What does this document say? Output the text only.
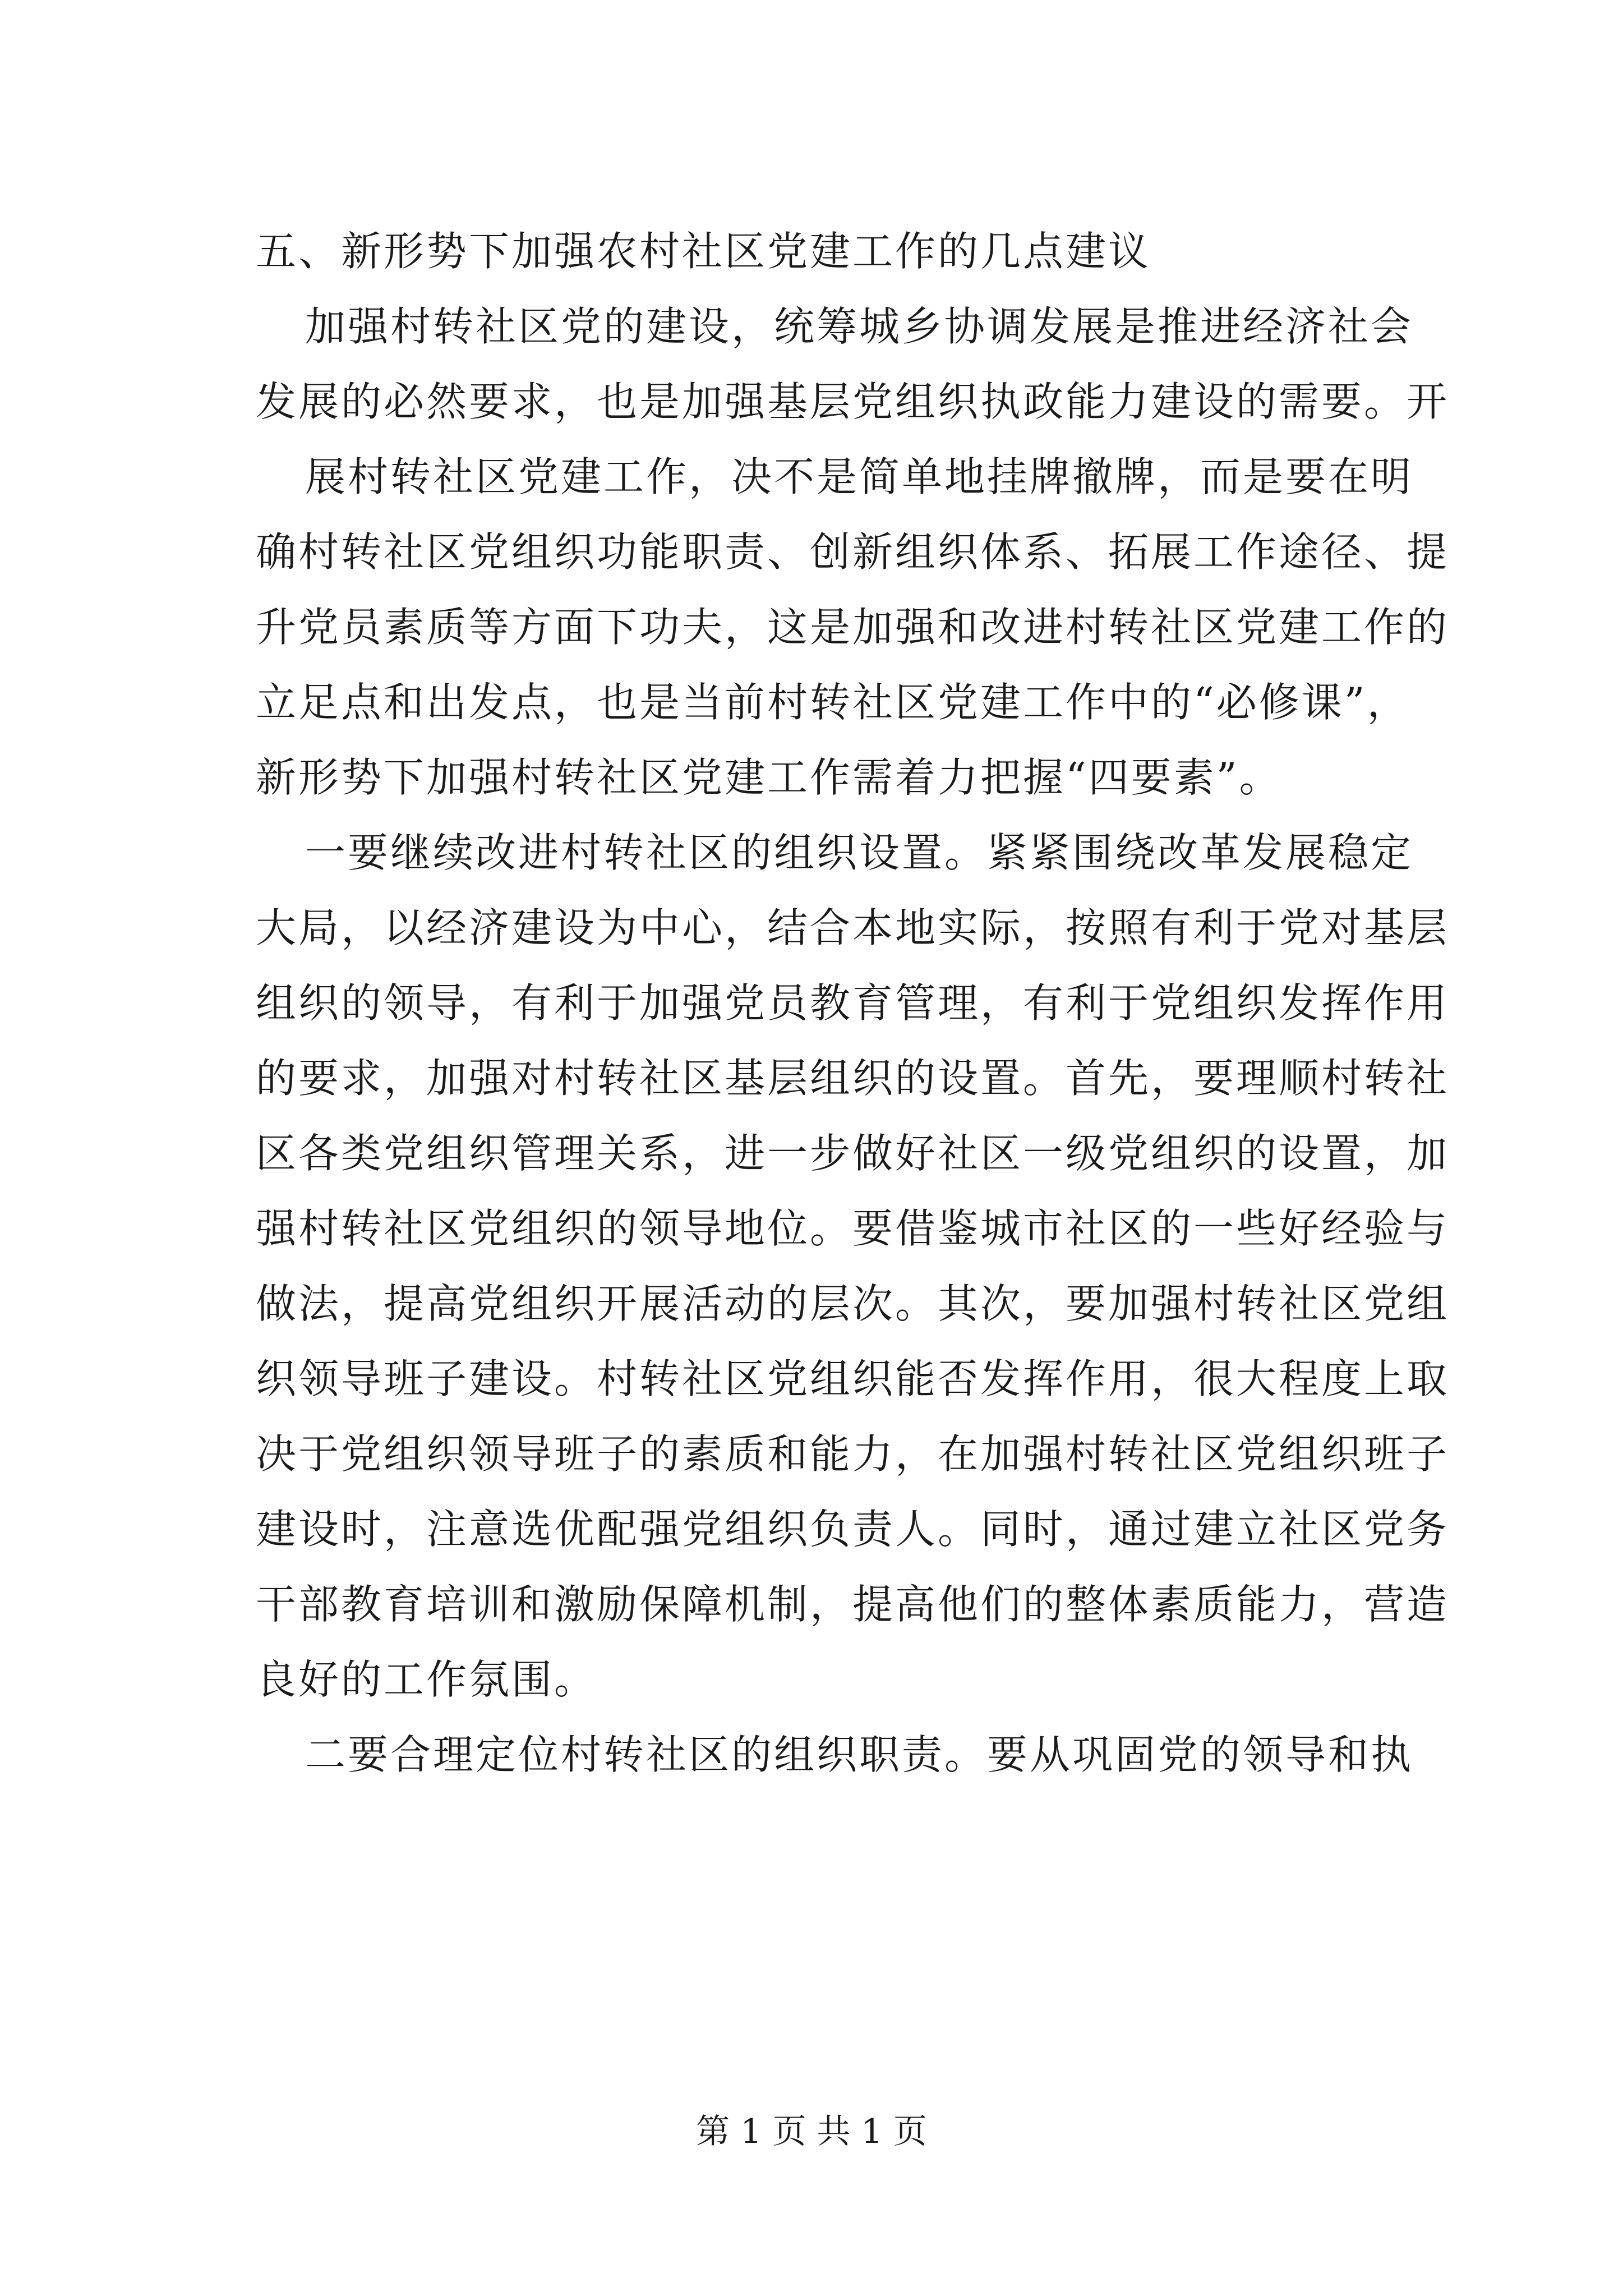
五、新形势下加强农村社区党建工作的几点建议
加强村转社区党的建设，统筹城乡协调发展是推进经济社会
发展的必然要求，也是加强基层党组织执政能力建设的需要。开
展村转社区党建工作，决不是简单地挂牌撤牌，而是要在明
确村转社区党组织功能职责、创新组织体系、拓展工作途径、提
升党员素质等方面下功夫，这是加强和改进村转社区党建工作的
立足点和出发点，也是当前村转社区党建工作中的“必修课”，
新形势下加强村转社区党建工作需着力把握“四要素”。
一要继续改进村转社区的组织设置。紧紧围绕改革发展稳定
大局，以经济建设为中心，结合本地实际，按照有利于党对基层
组织的领导，有利于加强党员教育管理，有利于党组织发挥作用
的要求，加强对村转社区基层组织的设置。首先，要理顺村转社
区各类党组织管理关系，进一步做好社区一级党组织的设置，加
强村转社区党组织的领导地位。要借鉴城市社区的一些好经验与
做法，提高党组织开展活动的层次。其次，要加强村转社区党组
织领导班子建设。村转社区党组织能否发挥作用，很大程度上取
决于党组织领导班子的素质和能力，在加强村转社区党组织班子
建设时，注意选优配强党组织负责人。同时，通过建立社区党务
干部教育培训和激励保障机制，提高他们的整体素质能力，营造
良好的工作氛围。
二要合理定位村转社区的组织职责。要从巩固党的领导和执
第 1 页 共 1 页
